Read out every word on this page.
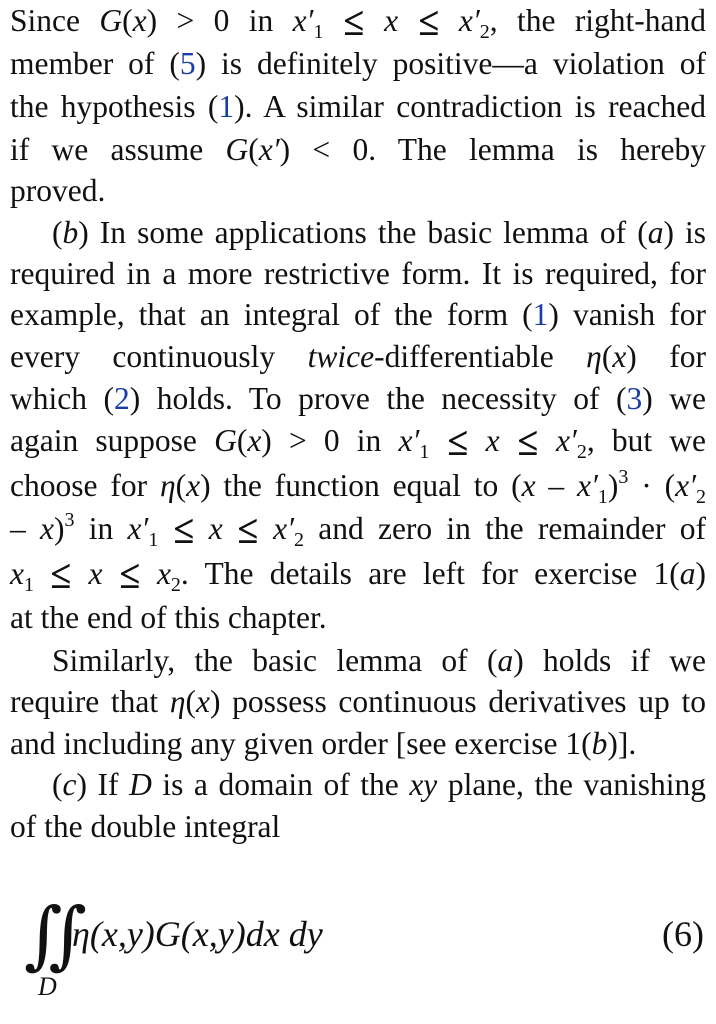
Since G(x) > 0 in $x'_1 \le x \le x'_2$, the right-hand
member of (5) is definitely positive—a violation of
the hypothesis (1). A similar contradiction is reached
if we assume G(x′) < 0. The lemma is hereby
proved.
(b) In some applications the basic lemma of (a) is
required in a more restrictive form. It is required, for
example, that an integral of the form (1) vanish for
every continuously twice-differentiable η(x) for
which (2) holds. To prove the necessity of (3) we
again suppose G(x) > 0 in $x'_1 \le x \le x'_2$, but we
choose for η(x) the function equal to $(x - x'_1)^3 \cdot (x'_2$
– x)$^3$ in $x'_1 \le x \le x'_2$ and zero in the remainder of
$x_1 \le x \le x_2$. The details are left for exercise 1(a)
at the end of this chapter.
Similarly, the basic lemma of (a) holds if we
require that η(x) possess continuous derivatives up to
and including any given order [see exercise 1(b)].
(c) If D is a domain of the xy plane, the vanishing
of the double integral
∬
D
η(x,y)G(x,y)dx dy	(6)
